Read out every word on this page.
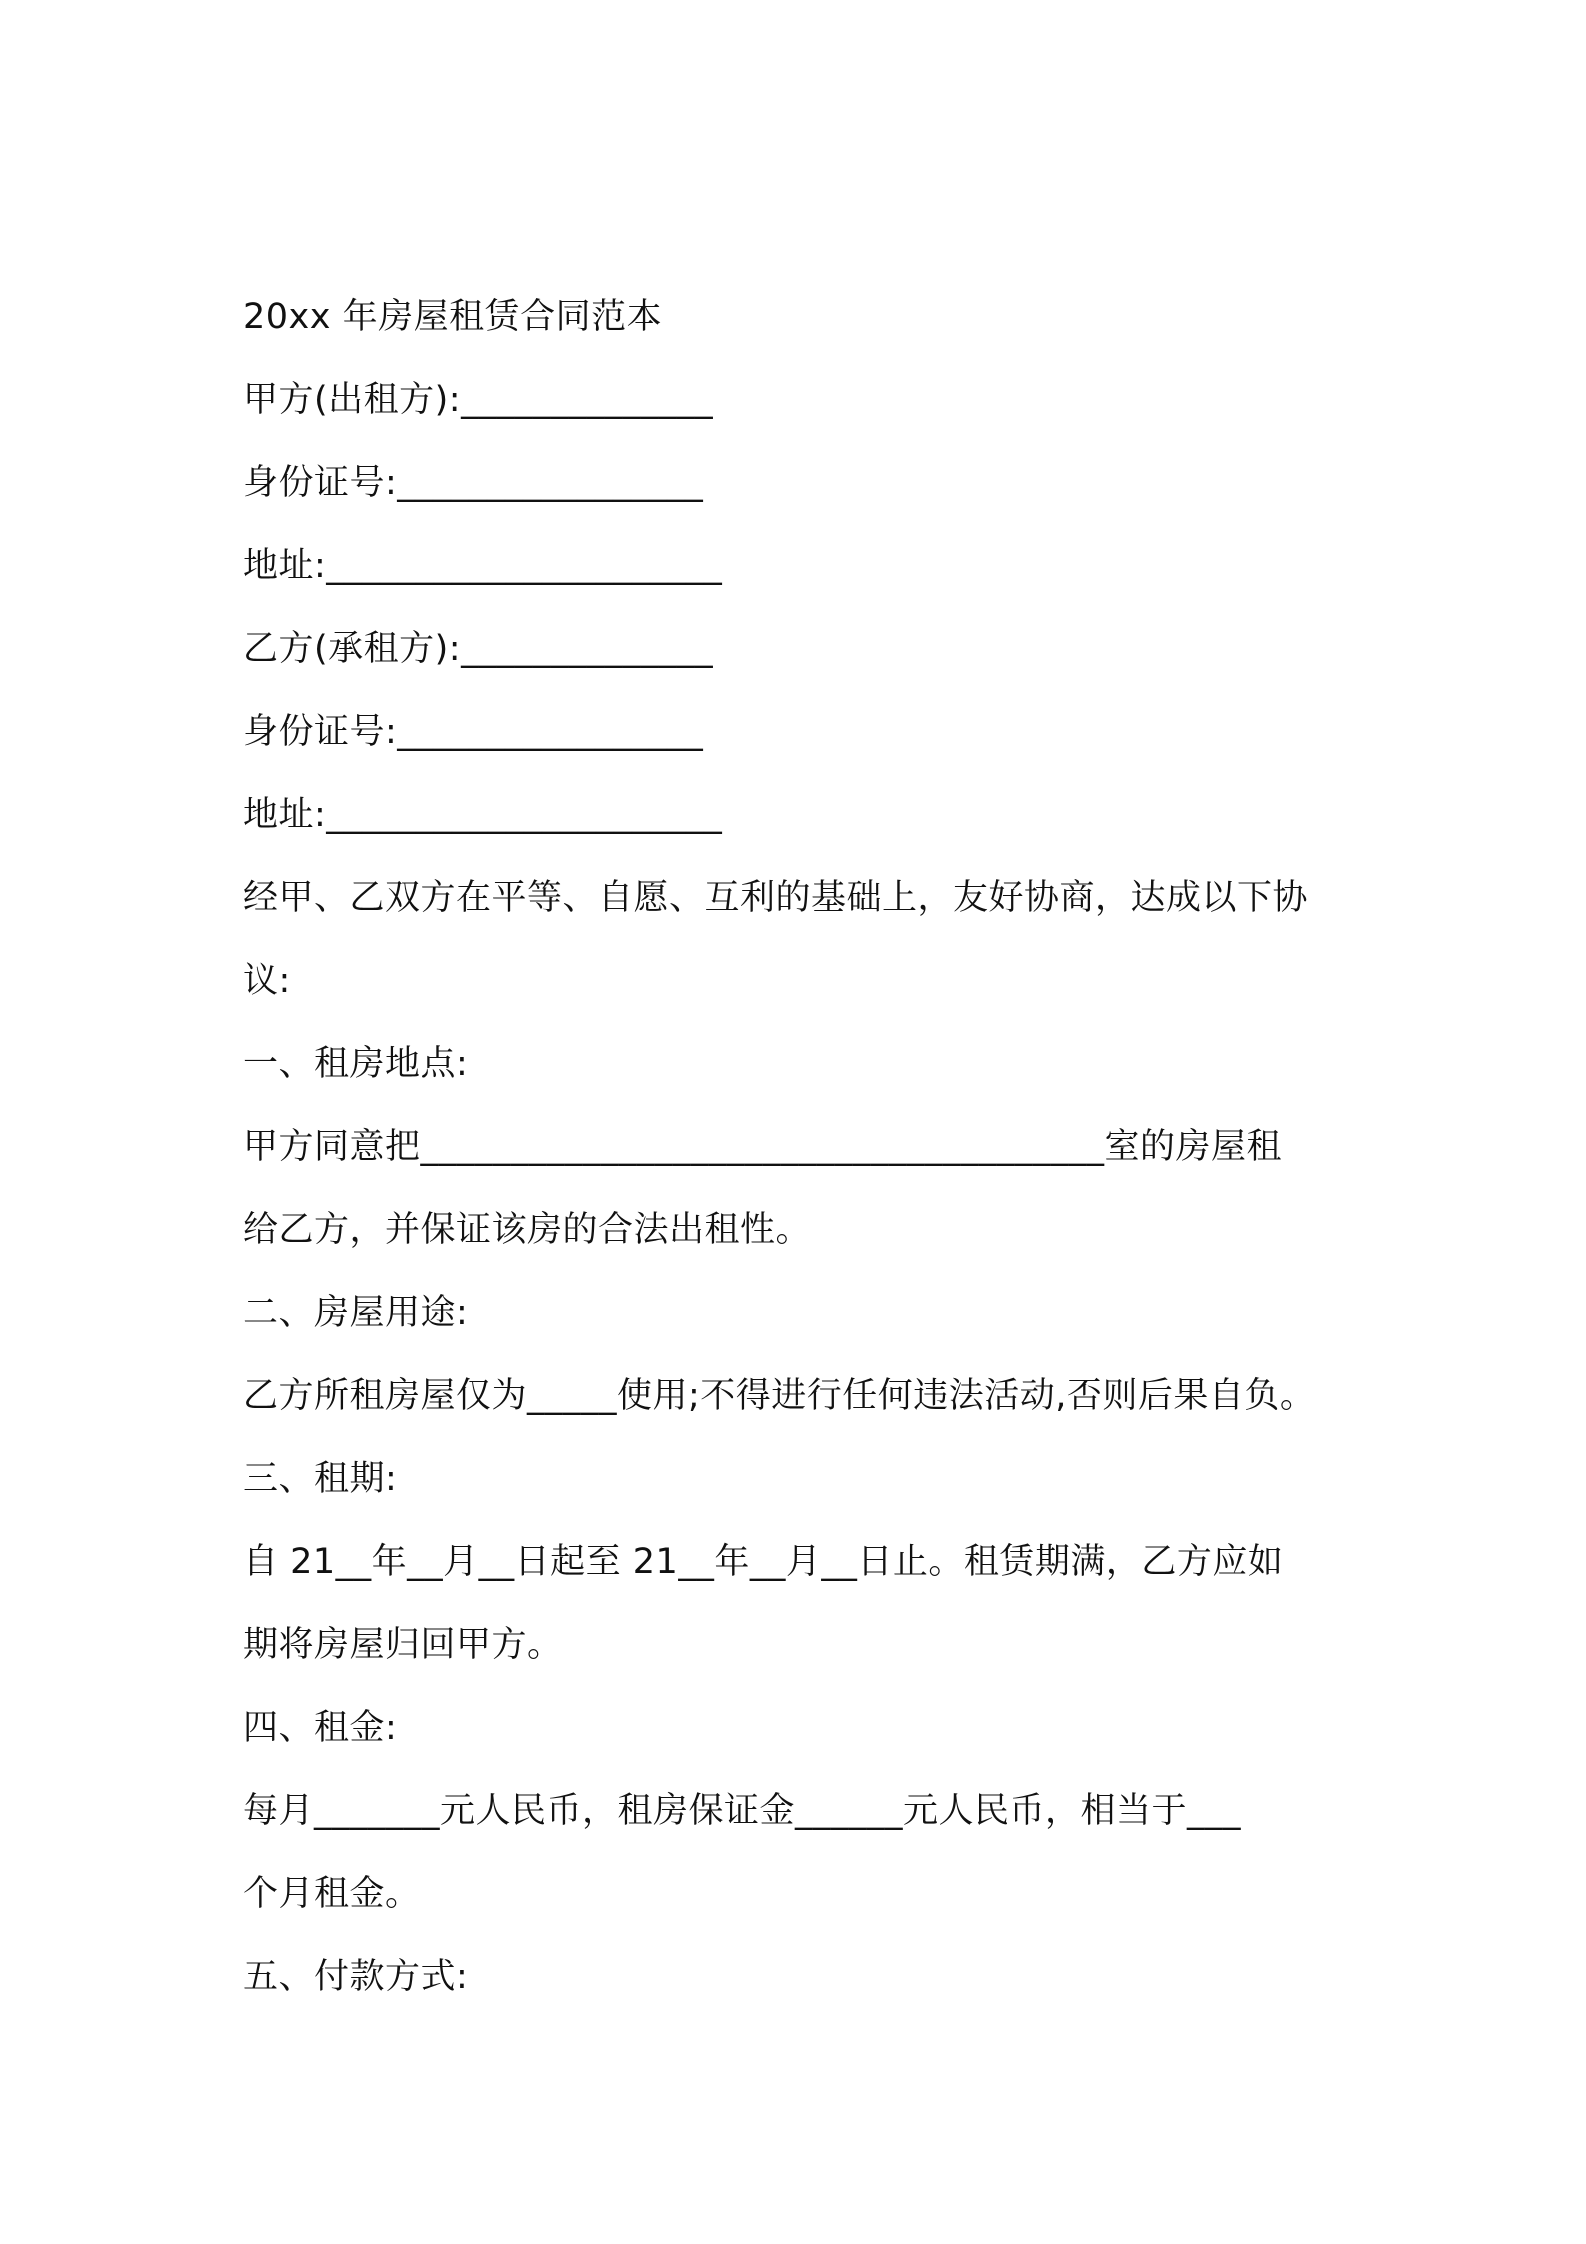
20xx 年房屋租赁合同范本
甲方(出租方):______________
身份证号:_________________
地址:______________________
乙方(承租方):______________
身份证号:_________________
地址:______________________
经甲、乙双方在平等、自愿、互利的基础上，友好协商，达成以下协
议:
一、租房地点:
甲方同意把______________________________________室的房屋租
给乙方，并保证该房的合法出租性。
二、房屋用途:
乙方所租房屋仅为_____使用;不得进行任何违法活动,否则后果自负。
三、租期:
自 21__年__月__日起至 21__年__月__日止。租赁期满，乙方应如
期将房屋归回甲方。
四、租金:
每月_______元人民币，租房保证金______元人民币，相当于___
个月租金。
五、付款方式:
